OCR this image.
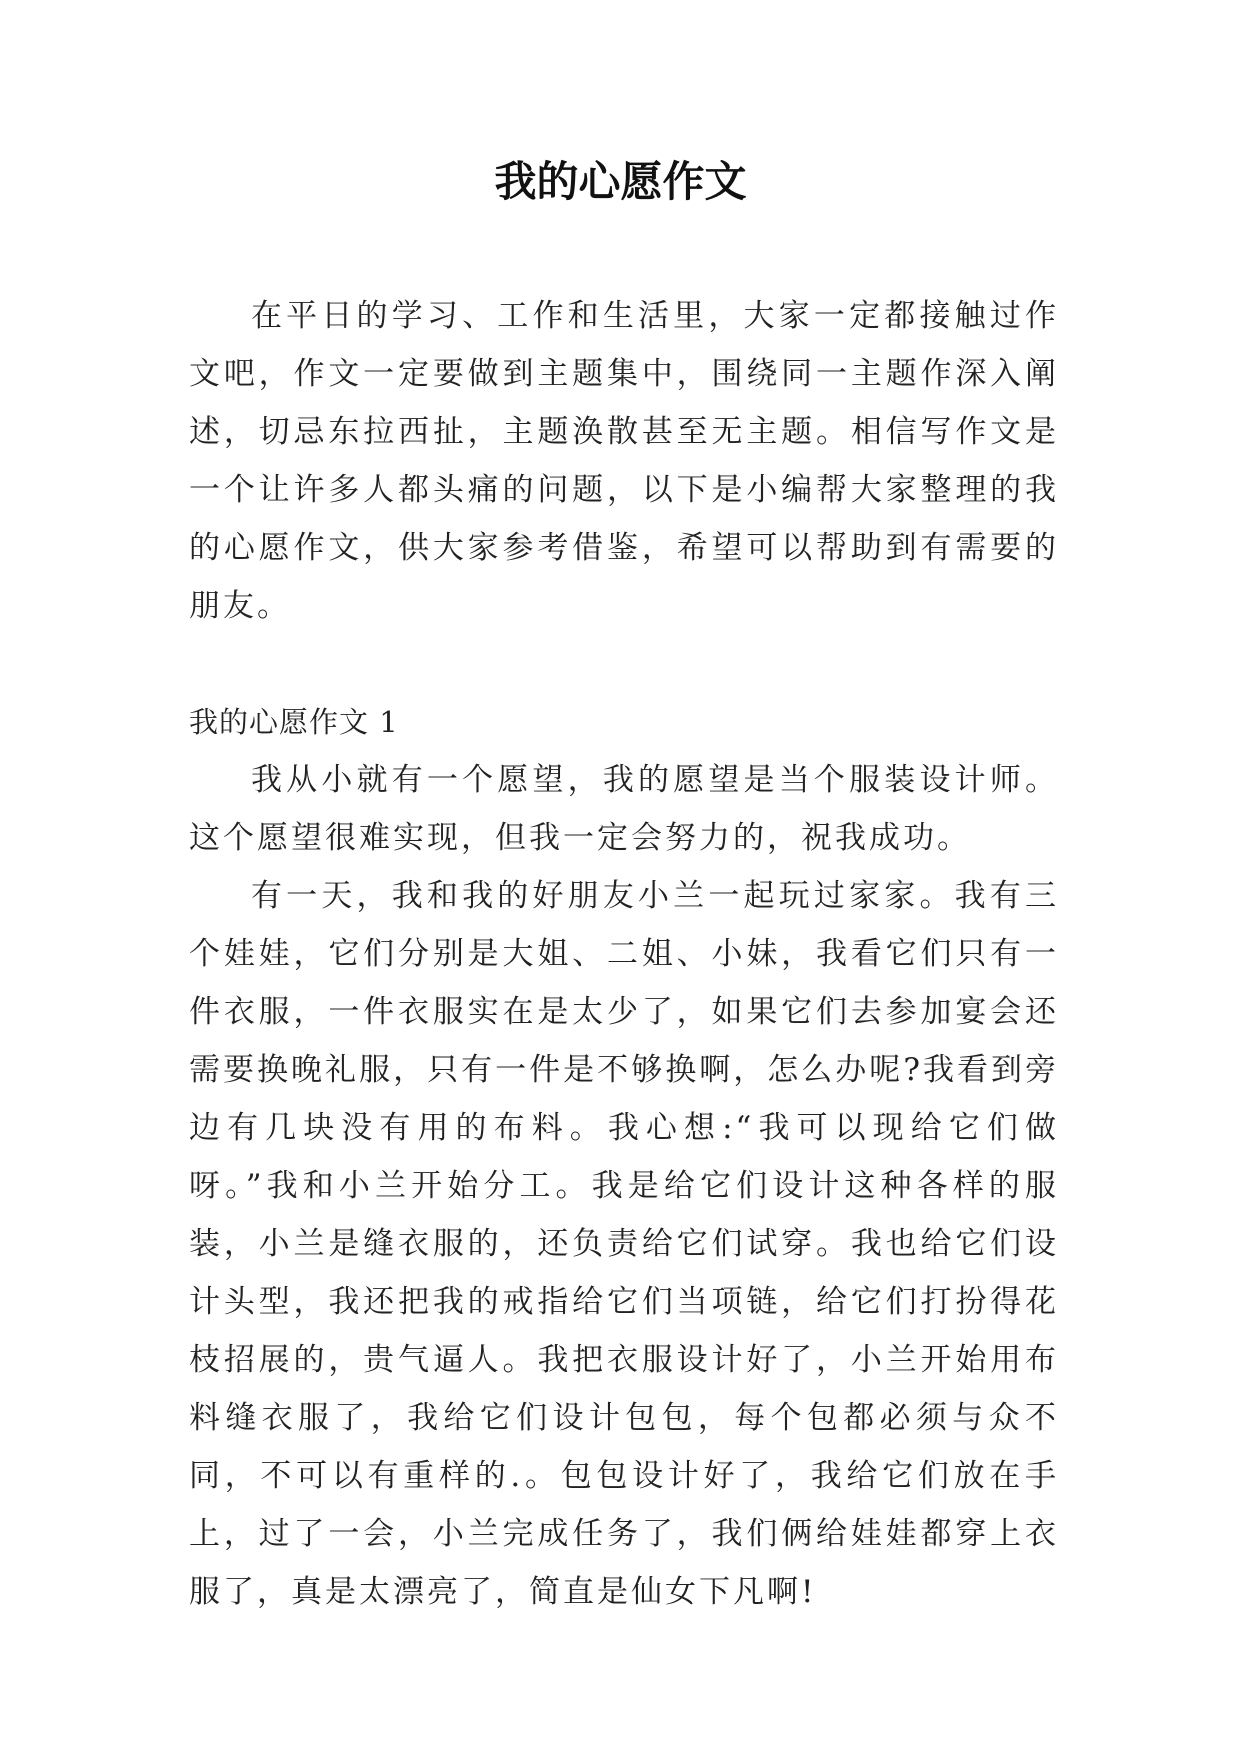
我的心愿作文

在平日的学习、工作和生活里，大家一定都接触过作文吧，作文一定要做到主题集中，围绕同一主题作深入阐述，切忌东拉西扯，主题涣散甚至无主题。相信写作文是一个让许多人都头痛的问题，以下是小编帮大家整理的我的心愿作文，供大家参考借鉴，希望可以帮助到有需要的朋友。

我的心愿作文 1

我从小就有一个愿望，我的愿望是当个服装设计师。这个愿望很难实现，但我一定会努力的，祝我成功。

有一天，我和我的好朋友小兰一起玩过家家。我有三个娃娃，它们分别是大姐、二姐、小妹，我看它们只有一件衣服，一件衣服实在是太少了，如果它们去参加宴会还需要换晚礼服，只有一件是不够换啊，怎么办呢?我看到旁边有几块没有用的布料。我心想:“我可以现给它们做呀。”我和小兰开始分工。我是给它们设计这种各样的服装，小兰是缝衣服的，还负责给它们试穿。我也给它们设计头型，我还把我的戒指给它们当项链，给它们打扮得花枝招展的，贵气逼人。我把衣服设计好了，小兰开始用布料缝衣服了，我给它们设计包包，每个包都必须与众不同，不可以有重样的.。包包设计好了，我给它们放在手上，过了一会，小兰完成任务了，我们俩给娃娃都穿上衣服了，真是太漂亮了，简直是仙女下凡啊!
